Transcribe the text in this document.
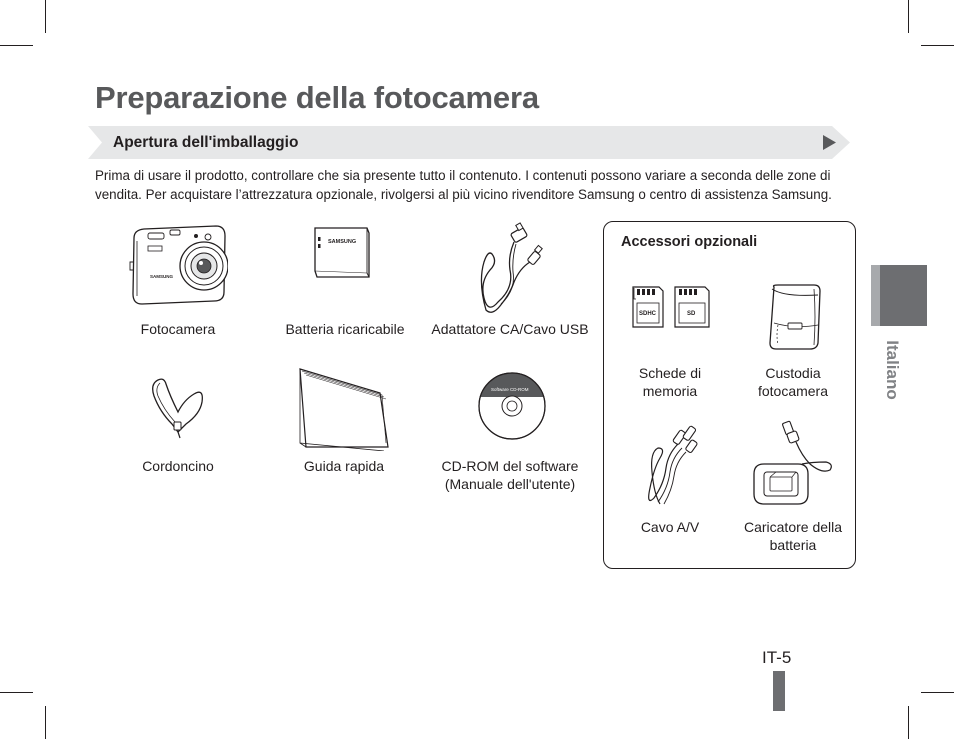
Preparazione della fotocamera
Apertura dell'imballaggio

Prima di usare il prodotto, controllare che sia presente tutto il contenuto. I contenuti possono variare a seconda delle zone di vendita. Per acquistare l’attrezzatura opzionale, rivolgersi al più vicino rivenditore Samsung o centro di assistenza Samsung.

SAMSUNG
Fotocamera
SAMSUNG
Batteria ricaricabile	Adattatore CA/Cavo USB
Cordoncino	Guida rapida
Software CD-ROM
CD-ROM del software
(Manuale dell'utente)
Accessori opzionali
SDHC	SD
Schede di
memoria
Custodia
fotocamera
Cavo A/V	Caricatore della
batteria
Italiano
IT-5
